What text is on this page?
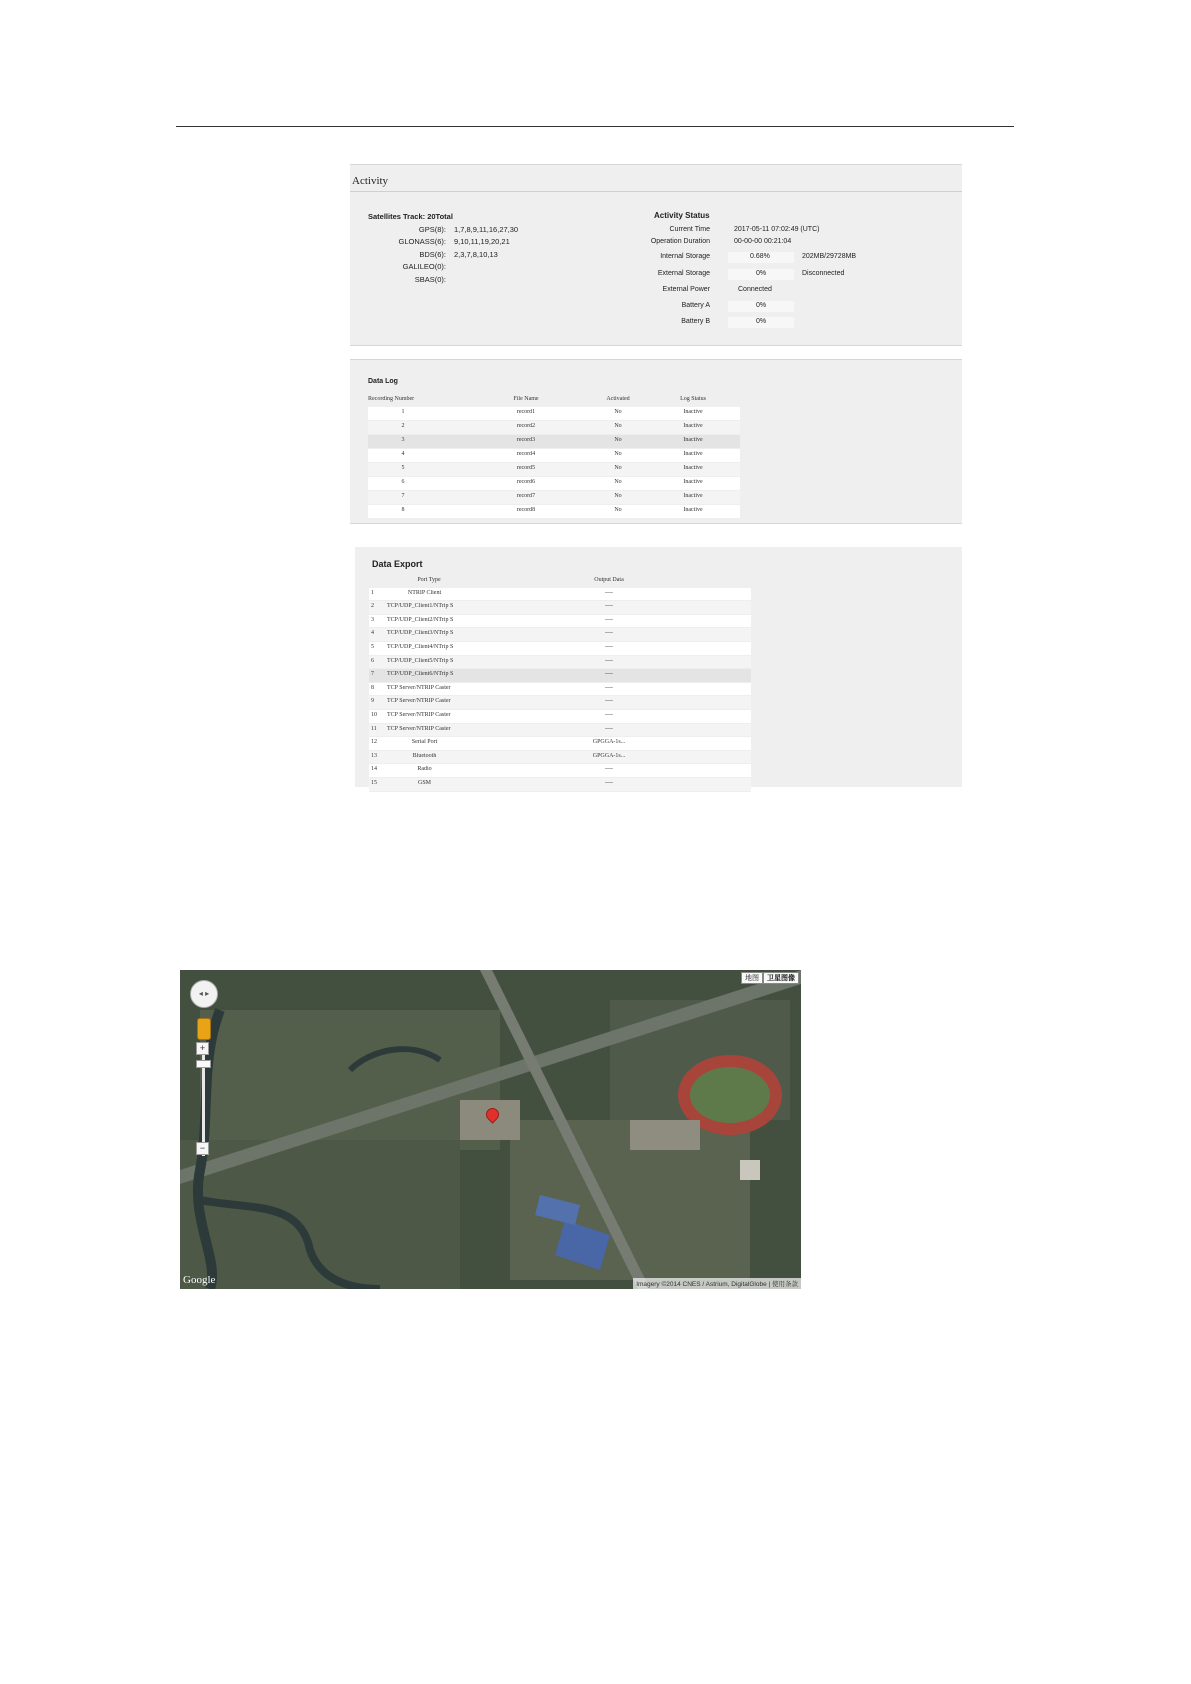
Activity
Satellites Track: 20Total
GPS(8): 1,7,8,9,11,16,27,30
GLONASS(6): 9,10,11,19,20,21
BDS(6): 2,3,7,8,10,13
GALILEO(0):
SBAS(0):
Activity Status
Current Time	2017-05-11 07:02:49 (UTC)
Operation Duration	00-00-00 00:21:04
Internal Storage	0.68%	202MB/29728MB
External Storage	0%	Disconnected
External Power	Connected
Battery A	0%
Battery B	0%
Data Log
Recording Number	File Name	Activated	Log Status
1	record1	No	Inactive
2	record2	No	Inactive
3	record3	No	Inactive
4	record4	No	Inactive
5	record5	No	Inactive
6	record6	No	Inactive
7	record7	No	Inactive
8	record8	No	Inactive
Data Export
Port Type	Output Data
1	NTRIP Client	----
2	TCP/UDP_Client1/NTrip S	----
3	TCP/UDP_Client2/NTrip S	----
4	TCP/UDP_Client3/NTrip S	----
5	TCP/UDP_Client4/NTrip S	----
6	TCP/UDP_Client5/NTrip S	----
7	TCP/UDP_Client6/NTrip S	----
8	TCP Server/NTRIP Caster	----
9	TCP Server/NTRIP Caster	----
10	TCP Server/NTRIP Caster	----
11	TCP Server/NTRIP Caster	----
12	Serial Port	GPGGA-1s...
13	Bluetooth	GPGGA-1s...
14	Radio	----
15	GSM	----
◂ ▸
+
−
地图	卫星图像
Google	Imagery ©2014 CNES / Astrium, DigitalGlobe | 使用条款
